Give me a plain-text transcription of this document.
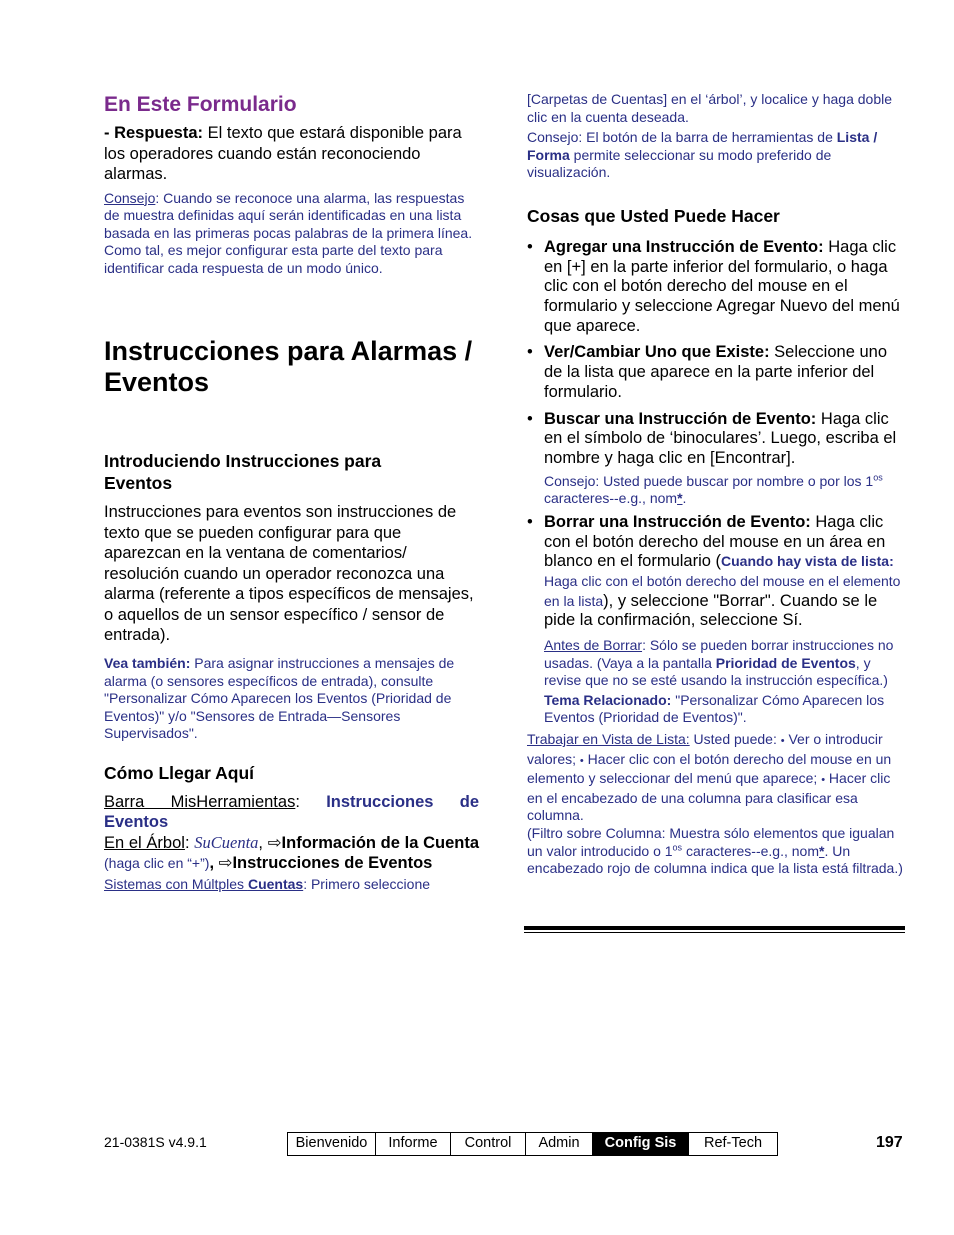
En Este Formulario

- Respuesta: El texto que estará disponible para los operadores cuando están reconociendo alarmas.

Consejo: Cuando se reconoce una alarma, las respuestas de muestra definidas aquí serán identificadas en una lista basada en las primeras pocas palabras de la primera línea. Como tal, es mejor configurar esta parte del texto para identificar cada respuesta de un modo único.

Instrucciones para Alarmas /
Eventos
Introduciendo Instrucciones para
Eventos

Instrucciones para eventos son instrucciones de texto que se pueden configurar para que aparezcan en la ventana de comentarios/ resolución cuando un operador reconozca una alarma (referente a tipos específicos de mensajes, o aquellos de un sensor específico / sensor de entrada).

Vea también: Para asignar instrucciones a mensajes de alarma (o sensores específicos de entrada), consulte "Personalizar Cómo Aparecen los Eventos (Prioridad de Eventos)" y/o "Sensores de Entrada—Sensores Supervisados".

Cómo Llegar Aquí

Barra MisHerramientas: Instrucciones de Eventos

En el Árbol: SuCuenta, ⇨Información de la Cuenta (haga clic en “+”), ⇨Instrucciones de Eventos

Sistemas con Múltples Cuentas: Primero seleccione

[Carpetas de Cuentas] en el ‘árbol’, y localice y haga doble clic en la cuenta deseada.

Consejo: El botón de la barra de herramientas de Lista / Forma permite seleccionar su modo preferido de visualización.

Cosas que Usted Puede Hacer
• Agregar una Instrucción de Evento: Haga clic en [+] en la parte inferior del formulario, o haga clic con el botón derecho del mouse en el formulario y seleccione Agregar Nuevo del menú que aparece.
• Ver/Cambiar Uno que Existe: Seleccione uno de la lista que aparece en la parte inferior del formulario.
• Buscar una Instrucción de Evento: Haga clic en el símbolo de ‘binoculares’. Luego, escriba el nombre y haga clic en [Encontrar].

Consejo: Usted puede buscar por nombre o por los $1^{os}$ caracteres--e.g., nom*.

• Borrar una Instrucción de Evento: Haga clic con el botón derecho del mouse en un área en blanco en el formulario (Cuando hay vista de lista: Haga clic con el botón derecho del mouse en el elemento en la lista), y seleccione "Borrar". Cuando se le pide la confirmación, seleccione Sí.

Antes de Borrar: Sólo se pueden borrar instrucciones no usadas. (Vaya a la pantalla Prioridad de Eventos, y revise que no se esté usando la instrucción específica.)

Tema Relacionado: "Personalizar Cómo Aparecen los Eventos (Prioridad de Eventos)".

Trabajar en Vista de Lista: Usted puede: • Ver o introducir valores; • Hacer clic con el botón derecho del mouse en un elemento y seleccionar del menú que aparece; • Hacer clic en el encabezado de una columna para clasificar esa columna.

(Filtro sobre Columna: Muestra sólo elementos que igualan un valor introducido o $1^{os}$ caracteres--e.g., nom*. Un encabezado rojo de columna indica que la lista está filtrada.)

21-0381S v4.9.1	Bienvenido	Informe	Control	Admin	Config Sis	Ref-Tech	197
